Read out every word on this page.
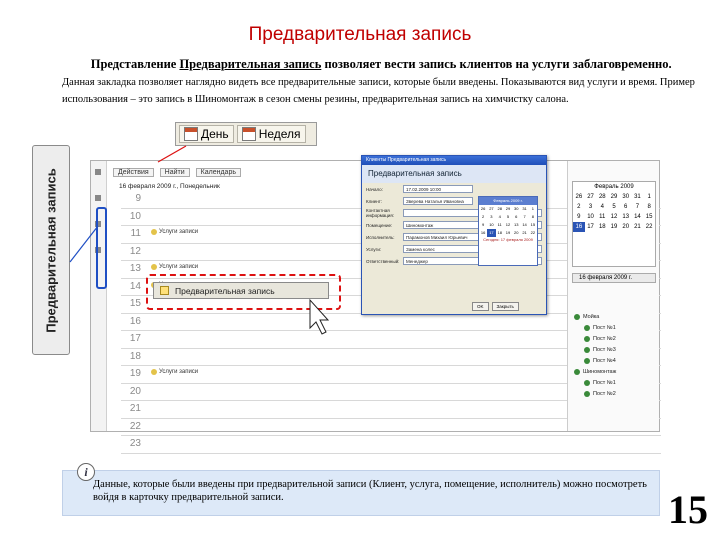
Предварительная запись
Представление Предварительная запись позволяет вести запись клиентов на услуги заблаговременно. Данная закладка позволяет наглядно видеть все предварительные записи, которые были введены. Показываются вид услуги и время. Пример использования – это запись в Шиномонтаж в сезон смены резины, предварительная запись на химчистку салона.
День	Неделя
Предварительная запись	Действия	Найти	Календарь
16 февраля 2009 г., Понедельник
9
10
11	Услуги записи
12
13	Услуги записи
14
15
16
17
18
19	Услуги записи
20
21
22
23
Предварительная запись
Клиенты Предварительная запись
Предварительная запись
Начало:	17.02.2009 10:00
Клиент:	Зверева Наталья Ивановна
Контактная информация:
Помещение:	Шиномонтаж
Исполнитель:	Парамонов Михаил Юрьевич
Услуги:	Замена колес
Ответственный:	Менеджер
Февраль 2009 г.
26 27 28 29 30 31	1
2	3	4	5	6	7	8
9	10 11 12 13 14 15
16 17 18 19 20 21 22
Сегодня: 17 февраля 2009
OK	Закрыть
Февраль 2009
26 27 28 29 30 31	1
2	3	4	5	6	7	8
9	10 11 12 13 14 15
16 17 18 19 20 21 22
16 февраля 2009 г.
Мойка
Пост №1
Пост №2
Пост №3
Пост №4
Шиномонтаж
Пост №1
Пост №2
Данные, которые были введены при предварительной записи (Клиент, услуга, помещение, исполнитель) можно посмотреть войдя в карточку предварительной записи.
i
15
